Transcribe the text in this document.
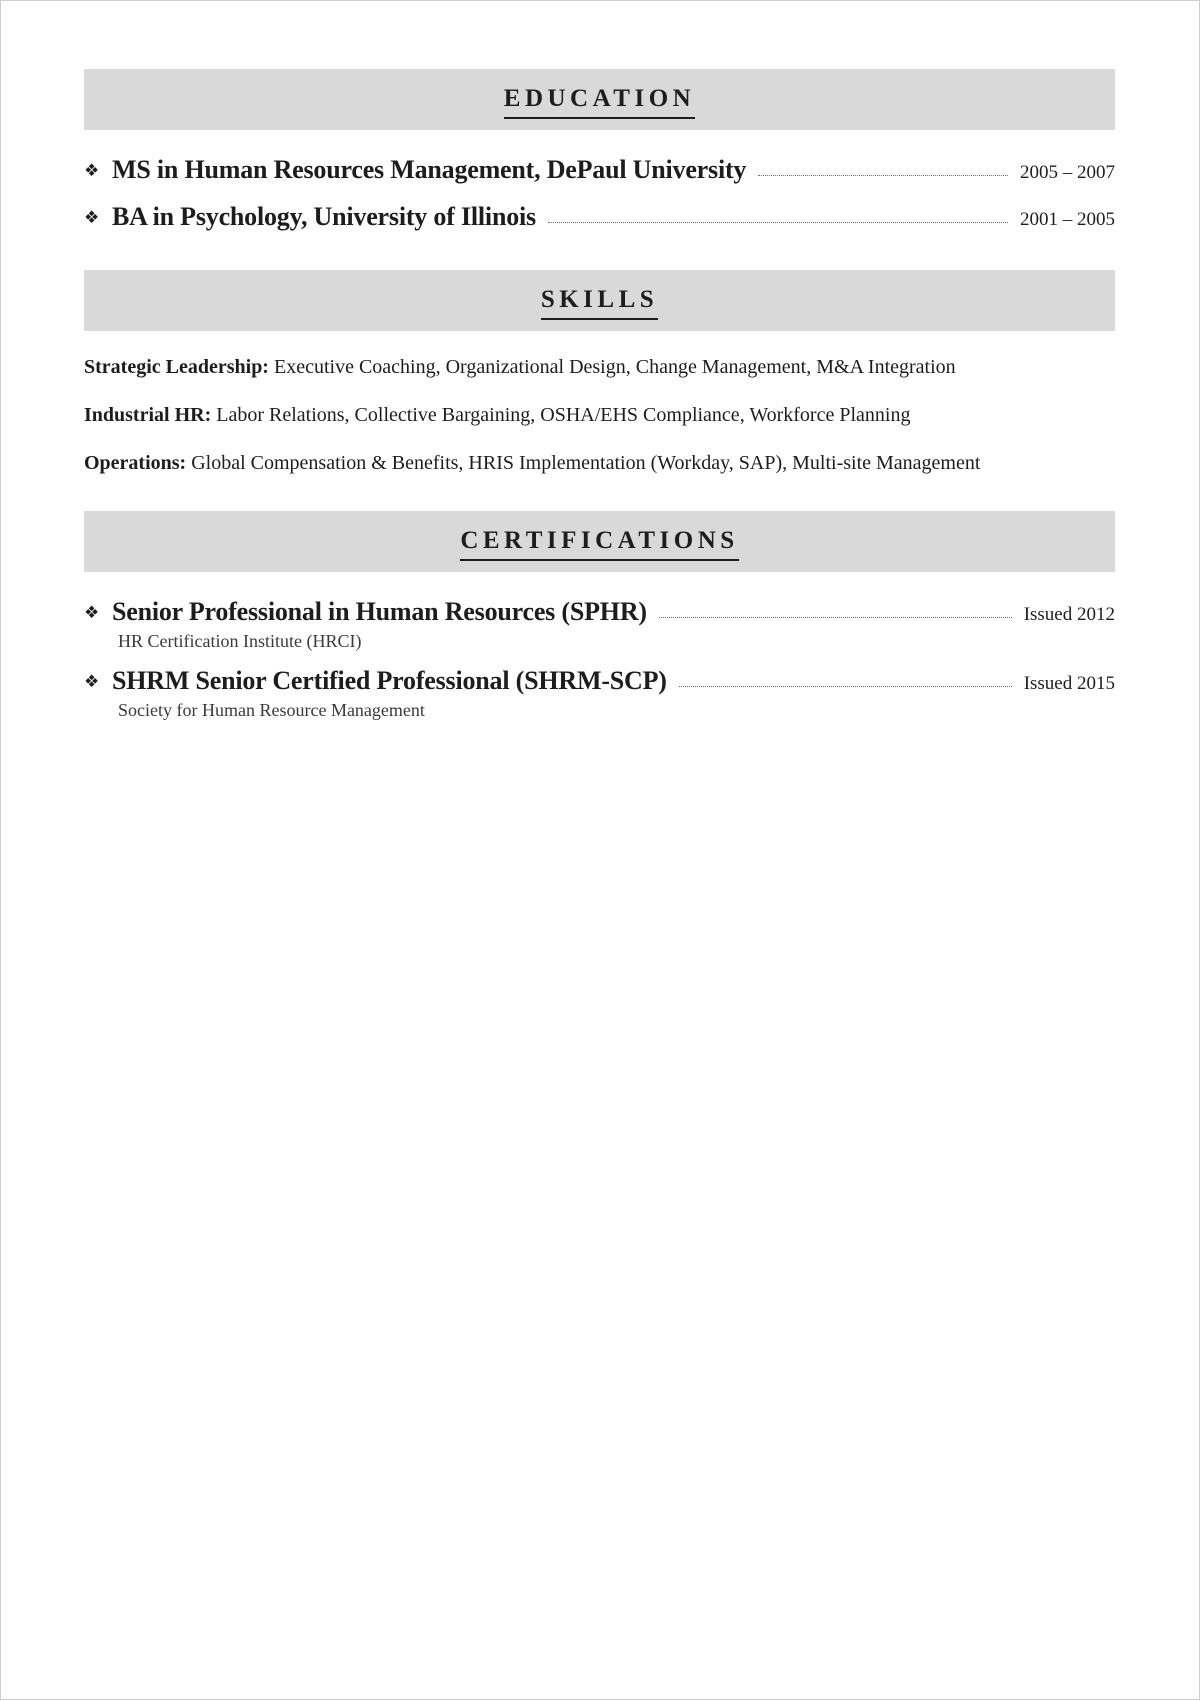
EDUCATION
❖ MS in Human Resources Management, DePaul University	2005 – 2007
❖ BA in Psychology, University of Illinois	2001 – 2005
SKILLS
Strategic Leadership: Executive Coaching, Organizational Design, Change Management, M&A Integration
Industrial HR: Labor Relations, Collective Bargaining, OSHA/EHS Compliance, Workforce Planning
Operations: Global Compensation & Benefits, HRIS Implementation (Workday, SAP), Multi-site Management
CERTIFICATIONS
❖ Senior Professional in Human Resources (SPHR)	Issued 2012
HR Certification Institute (HRCI)
❖ SHRM Senior Certified Professional (SHRM-SCP)	Issued 2015
Society for Human Resource Management
